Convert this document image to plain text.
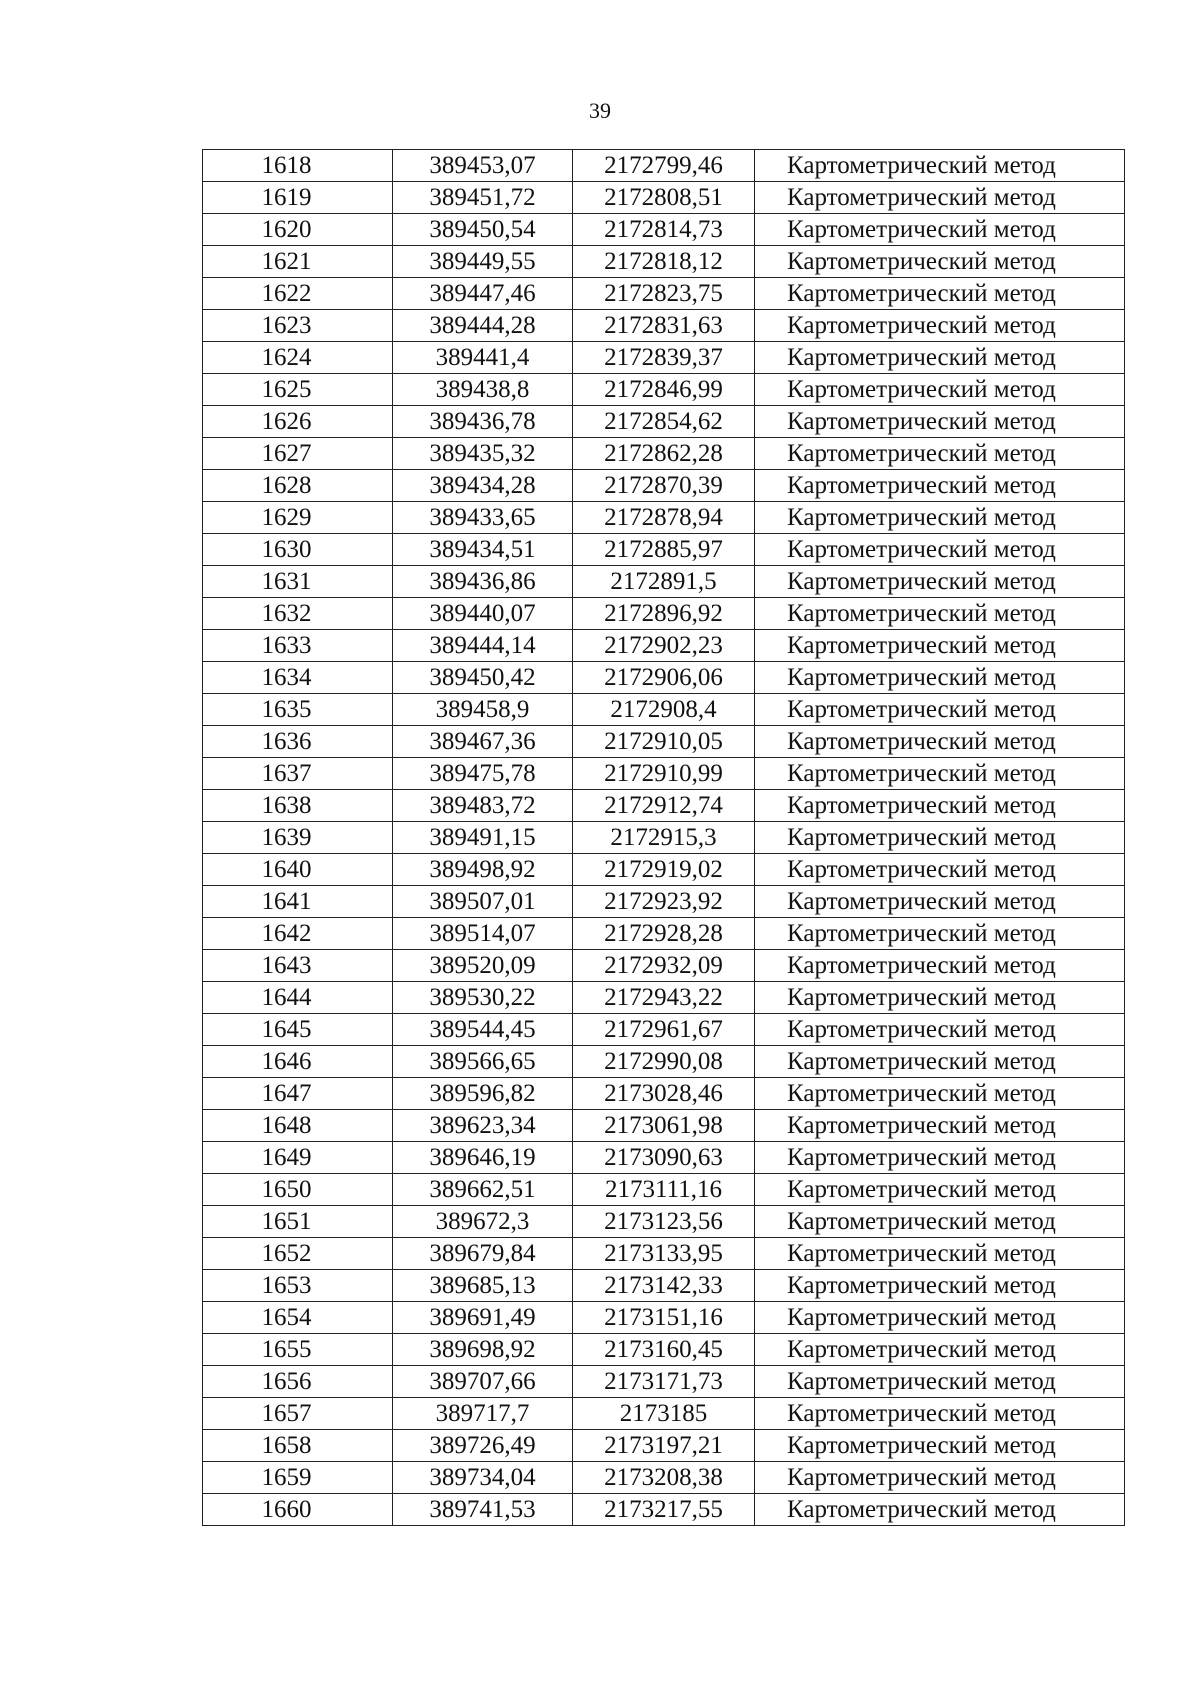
39
1618	389453,07	2172799,46	Картометрический метод
1619	389451,72	2172808,51	Картометрический метод
1620	389450,54	2172814,73	Картометрический метод
1621	389449,55	2172818,12	Картометрический метод
1622	389447,46	2172823,75	Картометрический метод
1623	389444,28	2172831,63	Картометрический метод
1624	389441,4	2172839,37	Картометрический метод
1625	389438,8	2172846,99	Картометрический метод
1626	389436,78	2172854,62	Картометрический метод
1627	389435,32	2172862,28	Картометрический метод
1628	389434,28	2172870,39	Картометрический метод
1629	389433,65	2172878,94	Картометрический метод
1630	389434,51	2172885,97	Картометрический метод
1631	389436,86	2172891,5	Картометрический метод
1632	389440,07	2172896,92	Картометрический метод
1633	389444,14	2172902,23	Картометрический метод
1634	389450,42	2172906,06	Картометрический метод
1635	389458,9	2172908,4	Картометрический метод
1636	389467,36	2172910,05	Картометрический метод
1637	389475,78	2172910,99	Картометрический метод
1638	389483,72	2172912,74	Картометрический метод
1639	389491,15	2172915,3	Картометрический метод
1640	389498,92	2172919,02	Картометрический метод
1641	389507,01	2172923,92	Картометрический метод
1642	389514,07	2172928,28	Картометрический метод
1643	389520,09	2172932,09	Картометрический метод
1644	389530,22	2172943,22	Картометрический метод
1645	389544,45	2172961,67	Картометрический метод
1646	389566,65	2172990,08	Картометрический метод
1647	389596,82	2173028,46	Картометрический метод
1648	389623,34	2173061,98	Картометрический метод
1649	389646,19	2173090,63	Картометрический метод
1650	389662,51	2173111,16	Картометрический метод
1651	389672,3	2173123,56	Картометрический метод
1652	389679,84	2173133,95	Картометрический метод
1653	389685,13	2173142,33	Картометрический метод
1654	389691,49	2173151,16	Картометрический метод
1655	389698,92	2173160,45	Картометрический метод
1656	389707,66	2173171,73	Картометрический метод
1657	389717,7	2173185	Картометрический метод
1658	389726,49	2173197,21	Картометрический метод
1659	389734,04	2173208,38	Картометрический метод
1660	389741,53	2173217,55	Картометрический метод
